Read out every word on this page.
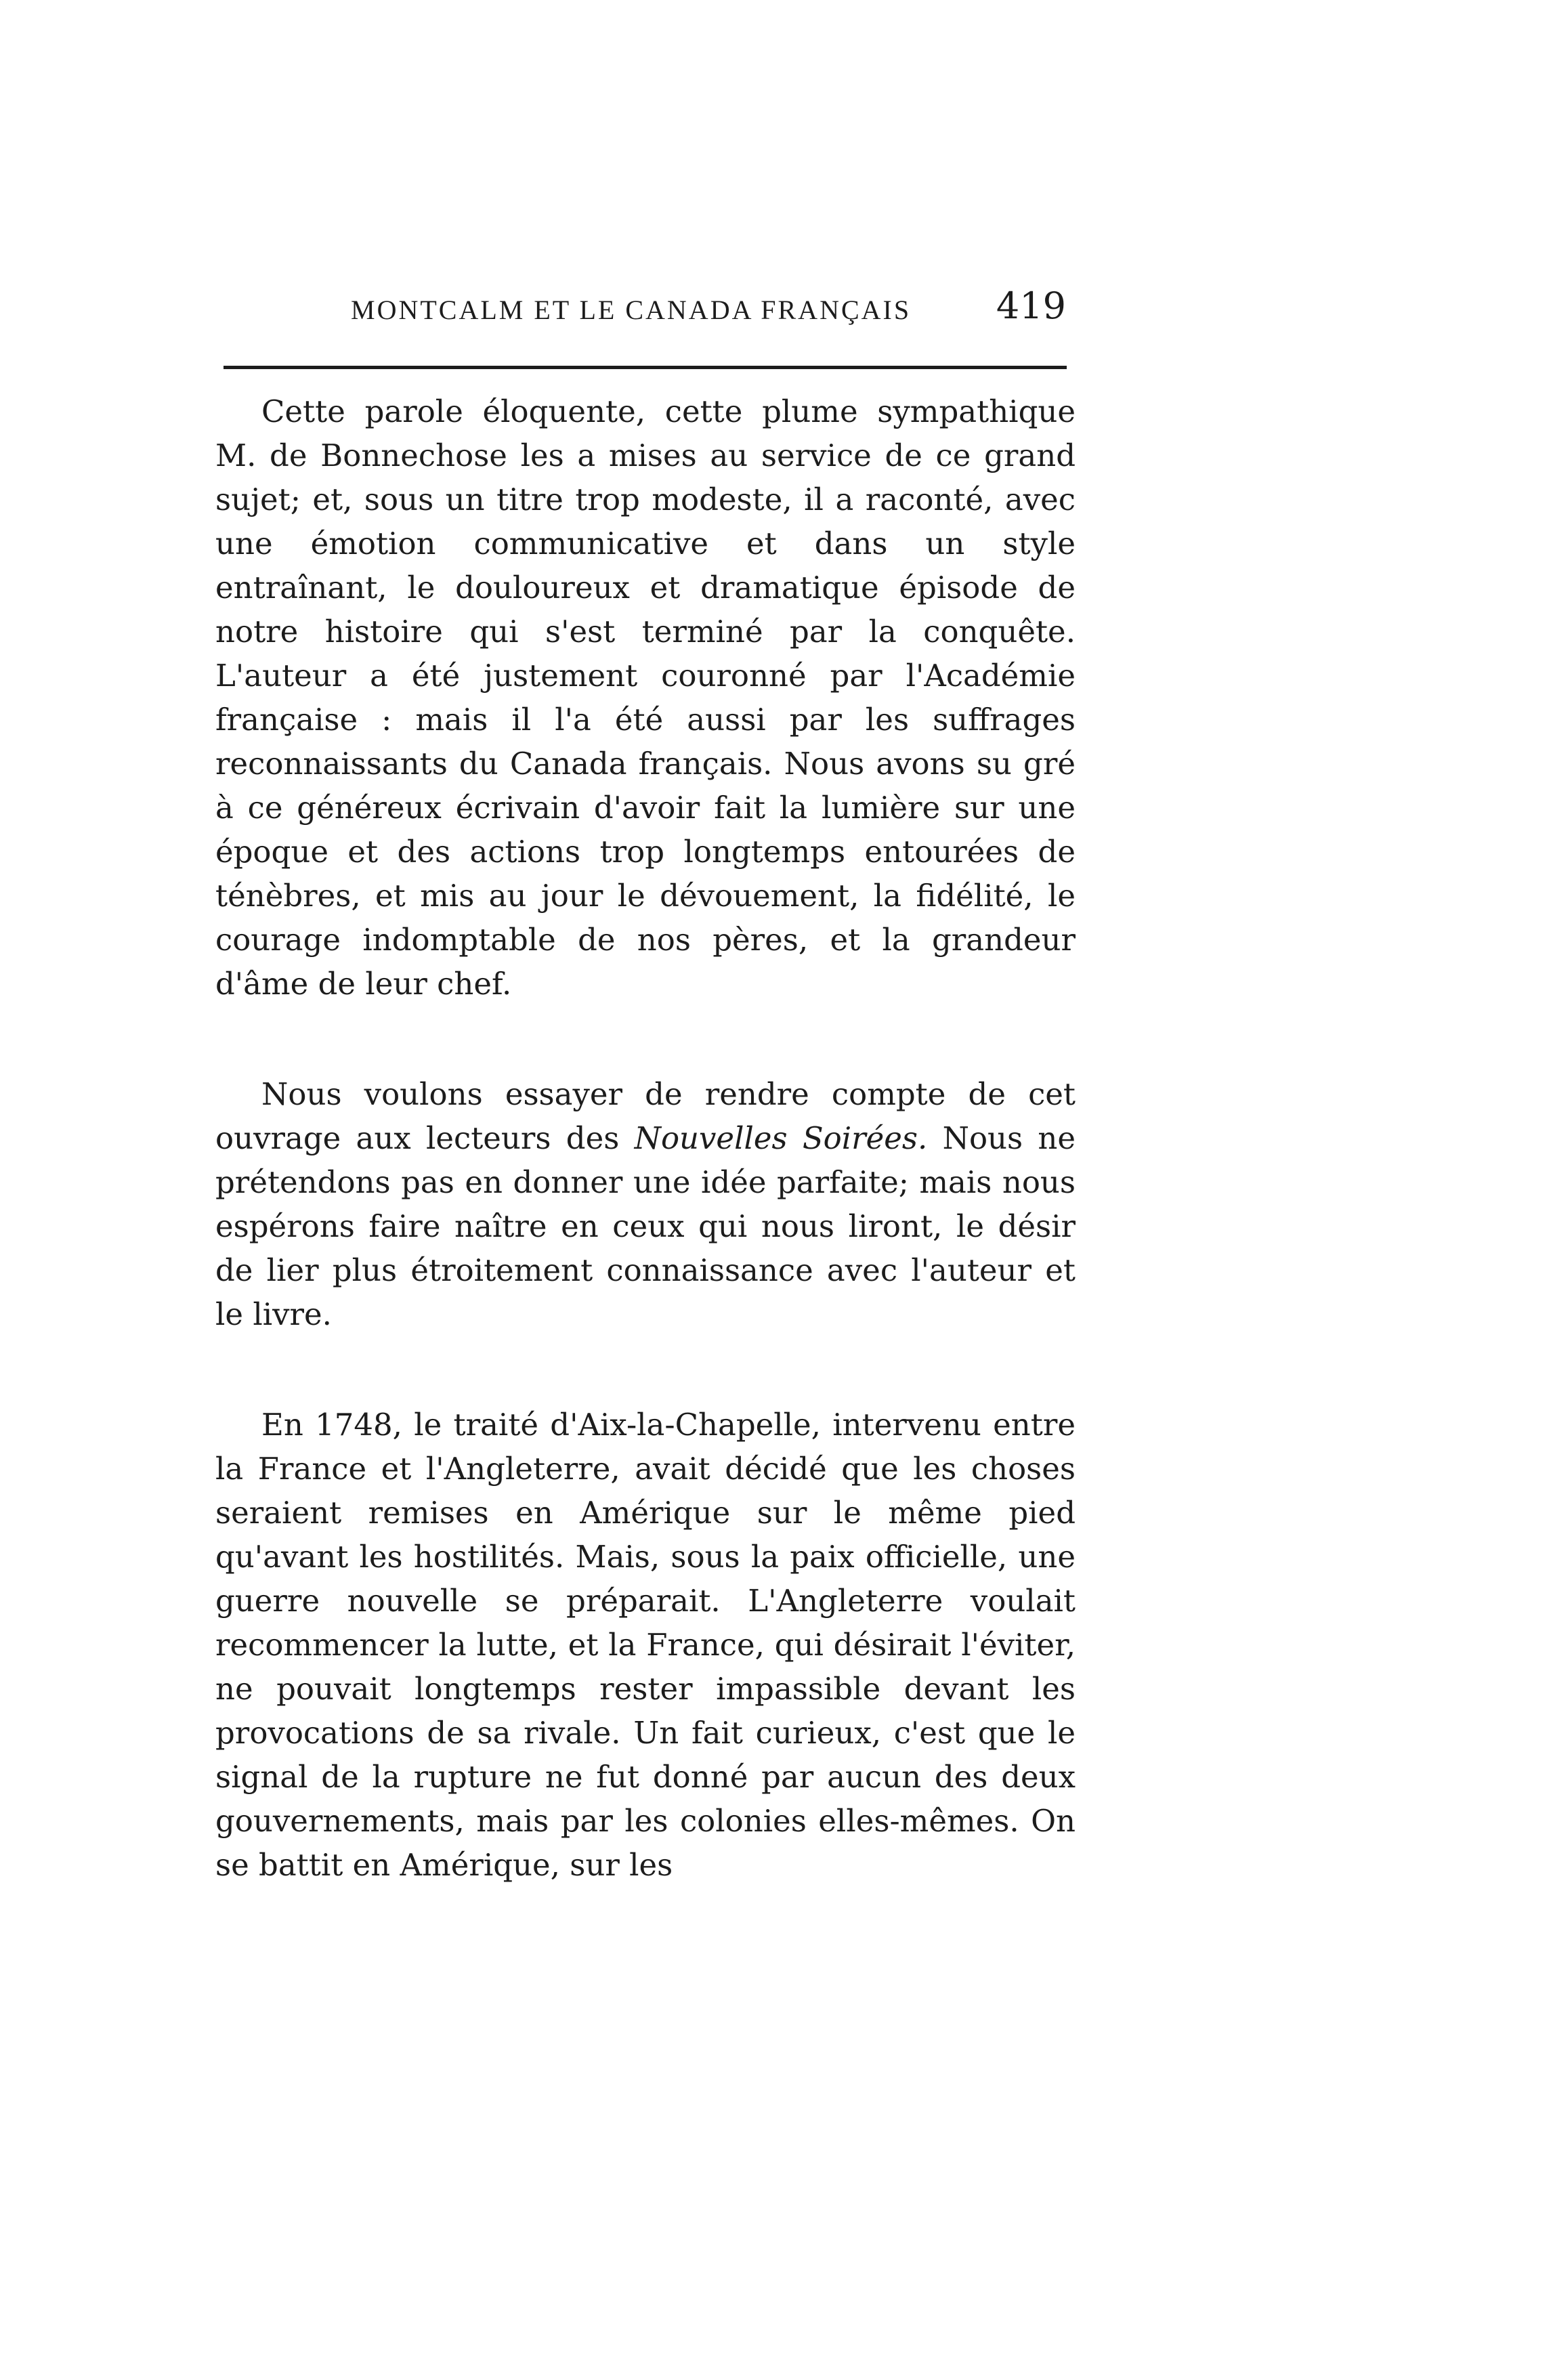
MONTCALM ET LE CANADA FRANÇAIS 419

Cette parole éloquente, cette plume sympathique M. de Bonnechose les a mises au service de ce grand sujet; et, sous un titre trop modeste, il a raconté, avec une émotion communicative et dans un style entraînant, le douloureux et dramatique épisode de notre histoire qui s'est terminé par la conquête. L'auteur a été justement couronné par l'Académie française : mais il l'a été aussi par les suffrages reconnaissants du Canada français. Nous avons su gré à ce généreux écrivain d'avoir fait la lumière sur une époque et des actions trop longtemps entourées de ténèbres, et mis au jour le dévouement, la fidélité, le courage indomptable de nos pères, et la grandeur d'âme de leur chef.

Nous voulons essayer de rendre compte de cet ouvrage aux lecteurs des Nouvelles Soirées. Nous ne prétendons pas en donner une idée parfaite; mais nous espérons faire naître en ceux qui nous liront, le désir de lier plus étroitement connaissance avec l'auteur et le livre.

En 1748, le traité d'Aix-la-Chapelle, intervenu entre la France et l'Angleterre, avait décidé que les choses seraient remises en Amérique sur le même pied qu'avant les hostilités. Mais, sous la paix officielle, une guerre nouvelle se préparait. L'Angleterre voulait recommencer la lutte, et la France, qui désirait l'éviter, ne pouvait longtemps rester impassible devant les provocations de sa rivale. Un fait curieux, c'est que le signal de la rupture ne fut donné par aucun des deux gouvernements, mais par les colonies elles-mêmes. On se battit en Amérique, sur les
